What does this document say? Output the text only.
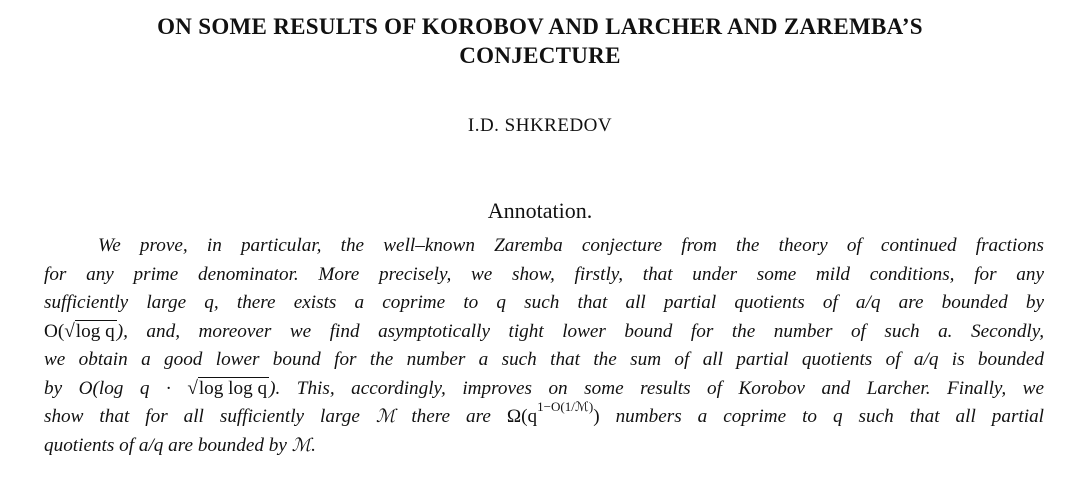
ON SOME RESULTS OF KOROBOV AND LARCHER AND ZAREMBA’S
CONJECTURE

I.D. SHKREDOV

Annotation.

We prove, in particular, the well–known Zaremba conjecture from the theory of continued fractions
for any prime denominator. More precisely, we show, firstly, that under some mild conditions, for any
sufficiently large q, there exists a coprime to q such that all partial quotients of a/q are bounded by
O(√log q ), and, moreover we find asymptotically tight lower bound for the number of such a. Secondly,
we obtain a good lower bound for the number a such that the sum of all partial quotients of a/q is bounded
by O(log q · √log log q ). This, accordingly, improves on some results of Korobov and Larcher. Finally, we
show that for all sufficiently large ℳ there are $\Omega(q^{1-O(1/ℳ)})$ numbers a coprime to q such that all partial
quotients of a/q are bounded by ℳ.
